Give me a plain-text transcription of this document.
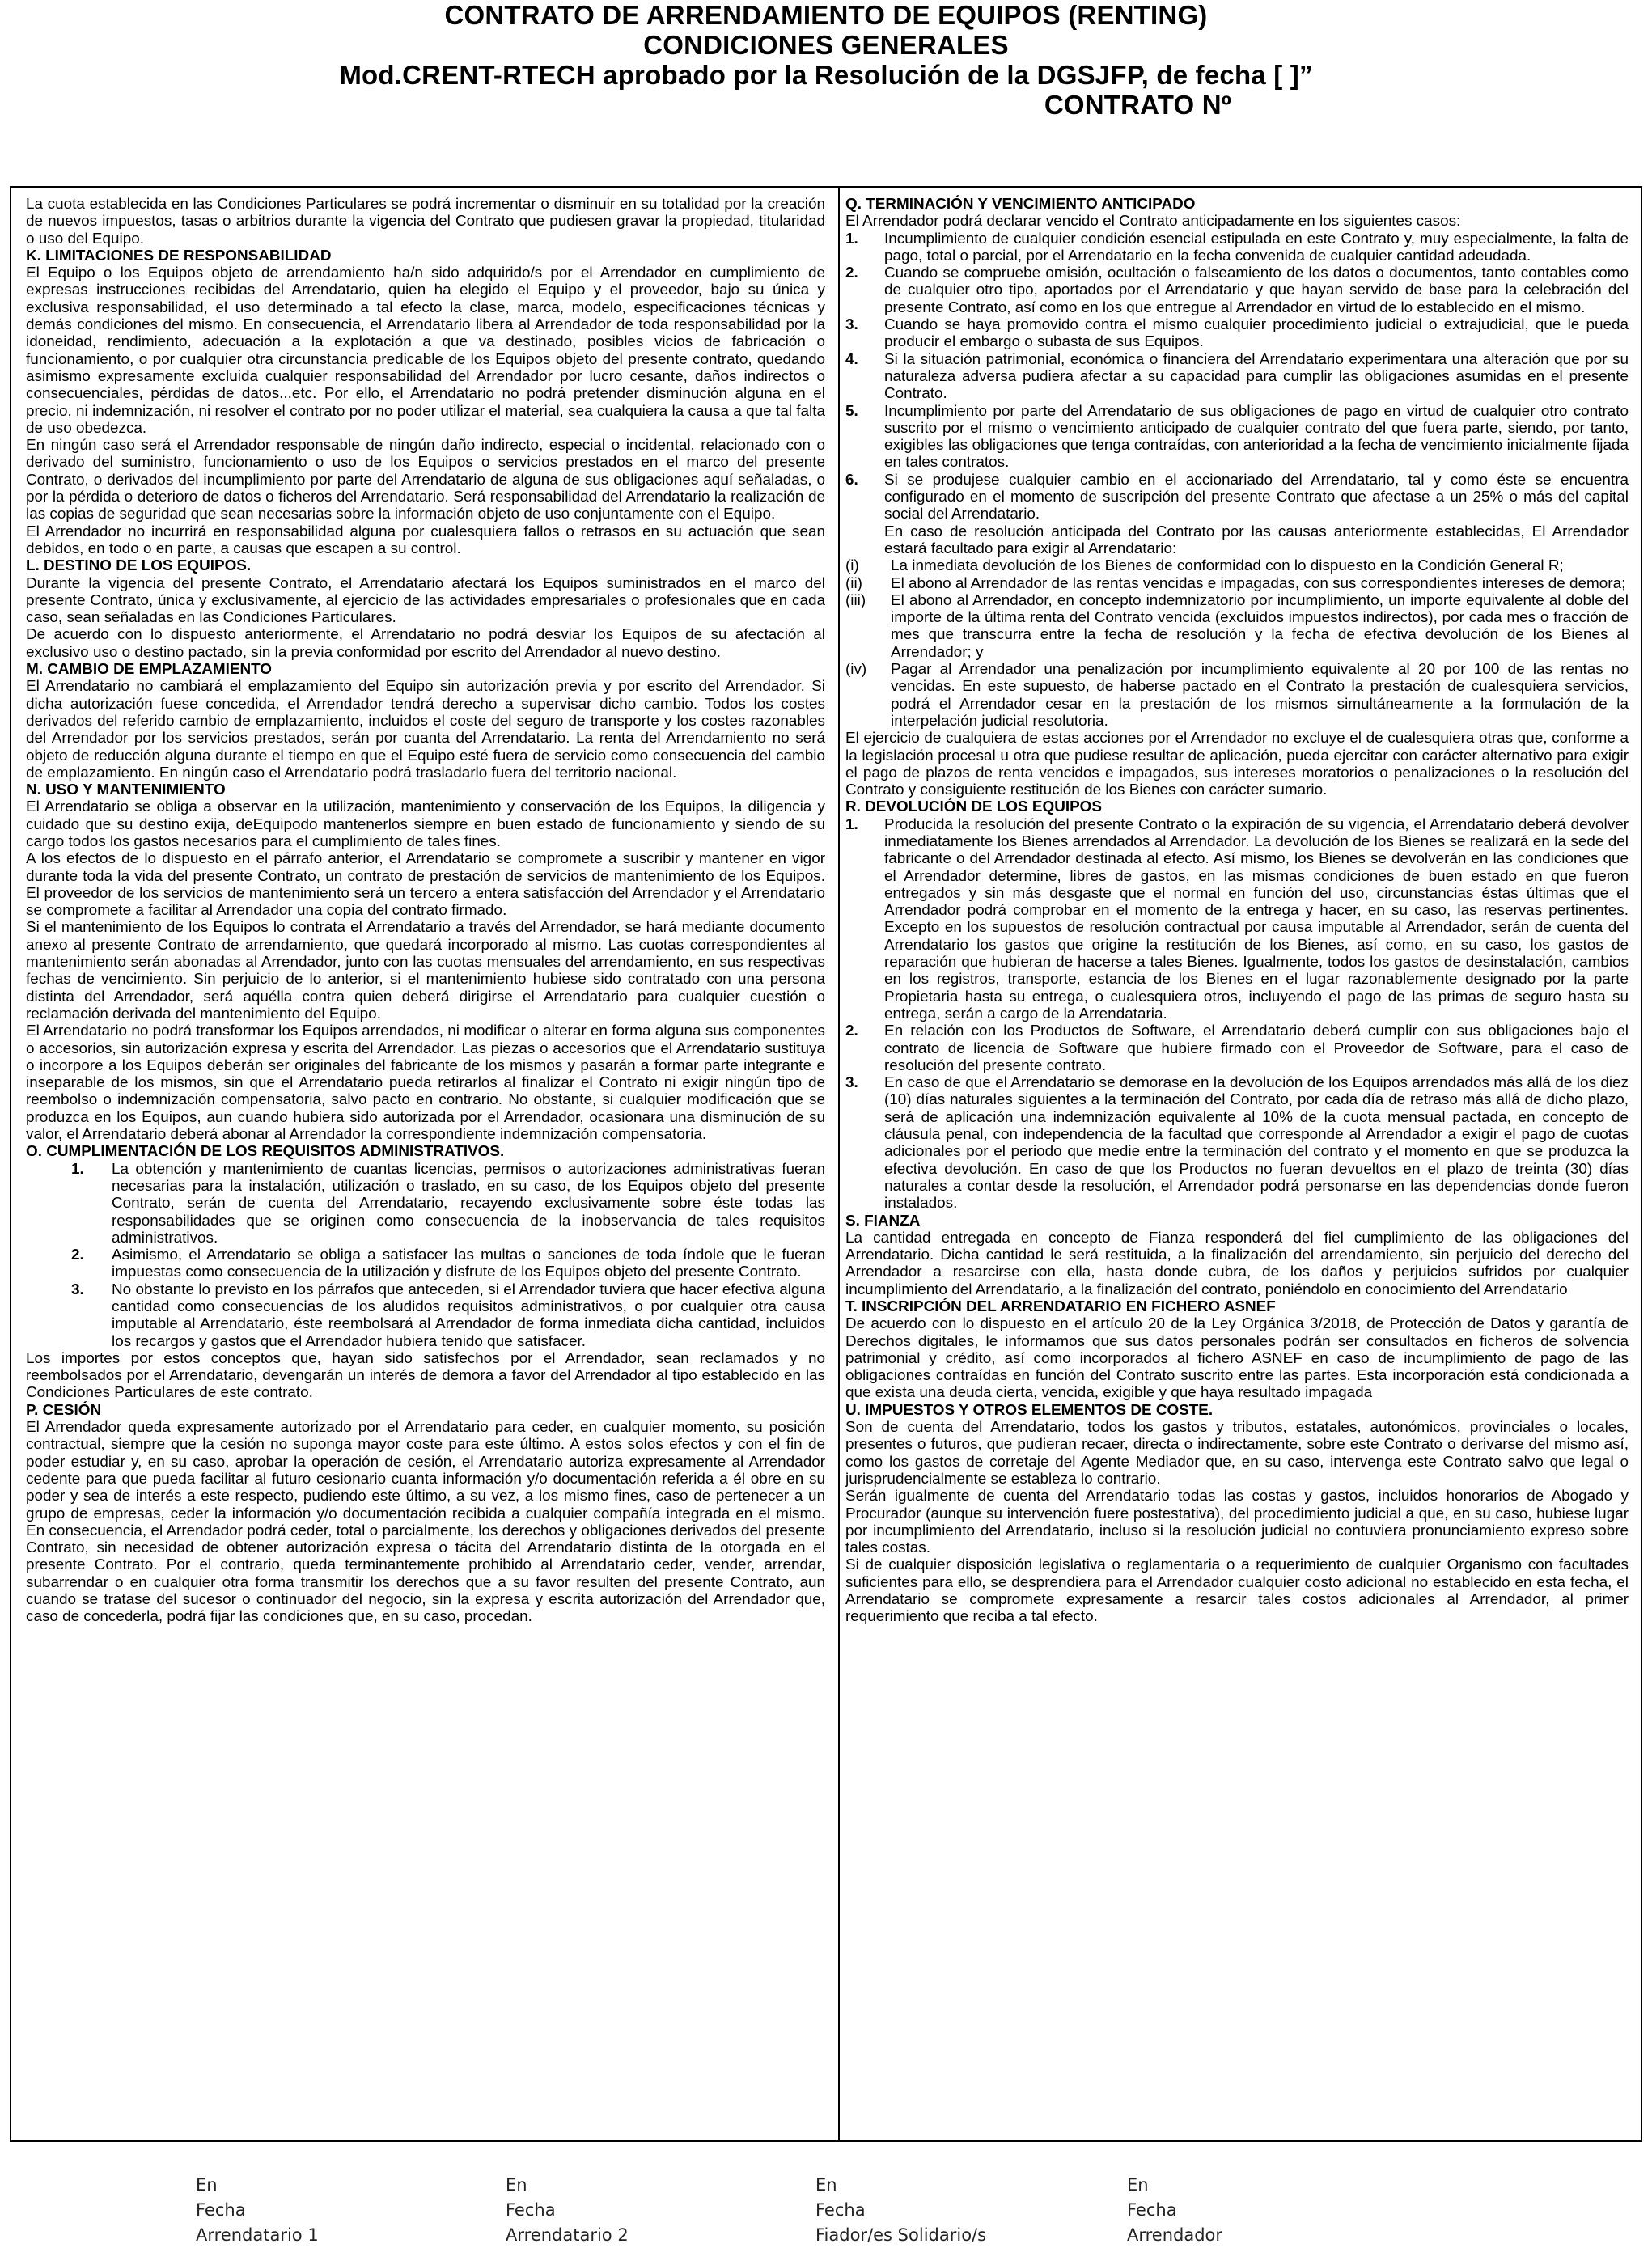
CONTRATO DE ARRENDAMIENTO DE EQUIPOS (RENTING)
CONDICIONES GENERALES
Mod.CRENT-RTECH aprobado por la Resolución de la DGSJFP, de fecha [ ]”
CONTRATO Nº

La cuota establecida en las Condiciones Particulares se podrá incrementar o disminuir en su totalidad por la creación de nuevos impuestos, tasas o arbitrios durante la vigencia del Contrato que pudiesen gravar la propiedad, titularidad o uso del Equipo.

K. LIMITACIONES DE RESPONSABILIDAD

El Equipo o los Equipos objeto de arrendamiento ha/n sido adquirido/s por el Arrendador en cumplimiento de expresas instrucciones recibidas del Arrendatario, quien ha elegido el Equipo y el proveedor, bajo su única y exclusiva responsabilidad, el uso determinado a tal efecto la clase, marca, modelo, especificaciones técnicas y demás condiciones del mismo. En consecuencia, el Arrendatario libera al Arrendador de toda responsabilidad por la idoneidad, rendimiento, adecuación a la explotación a que va destinado, posibles vicios de fabricación o funcionamiento, o por cualquier otra circunstancia predicable de los Equipos objeto del presente contrato, quedando asimismo expresamente excluida cualquier responsabilidad del Arrendador por lucro cesante, daños indirectos o consecuenciales, pérdidas de datos...etc. Por ello, el Arrendatario no podrá pretender disminución alguna en el precio, ni indemnización, ni resolver el contrato por no poder utilizar el material, sea cualquiera la causa a que tal falta de uso obedezca.

En ningún caso será el Arrendador responsable de ningún daño indirecto, especial o incidental, relacionado con o derivado del suministro, funcionamiento o uso de los Equipos o servicios prestados en el marco del presente Contrato, o derivados del incumplimiento por parte del Arrendatario de alguna de sus obligaciones aquí señaladas, o por la pérdida o deterioro de datos o ficheros del Arrendatario. Será responsabilidad del Arrendatario la realización de las copias de seguridad que sean necesarias sobre la información objeto de uso conjuntamente con el Equipo.

El Arrendador no incurrirá en responsabilidad alguna por cualesquiera fallos o retrasos en su actuación que sean debidos, en todo o en parte, a causas que escapen a su control.

L. DESTINO DE LOS EQUIPOS.

Durante la vigencia del presente Contrato, el Arrendatario afectará los Equipos suministrados en el marco del presente Contrato, única y exclusivamente, al ejercicio de las actividades empresariales o profesionales que en cada caso, sean señaladas en las Condiciones Particulares.

De acuerdo con lo dispuesto anteriormente, el Arrendatario no podrá desviar los Equipos de su afectación al exclusivo uso o destino pactado, sin la previa conformidad por escrito del Arrendador al nuevo destino.

M. CAMBIO DE EMPLAZAMIENTO

El Arrendatario no cambiará el emplazamiento del Equipo sin autorización previa y por escrito del Arrendador. Si dicha autorización fuese concedida, el Arrendador tendrá derecho a supervisar dicho cambio. Todos los costes derivados del referido cambio de emplazamiento, incluidos el coste del seguro de transporte y los costes razonables del Arrendador por los servicios prestados, serán por cuanta del Arrendatario. La renta del Arrendamiento no será objeto de reducción alguna durante el tiempo en que el Equipo esté fuera de servicio como consecuencia del cambio de emplazamiento. En ningún caso el Arrendatario podrá trasladarlo fuera del territorio nacional.

N. USO Y MANTENIMIENTO

El Arrendatario se obliga a observar en la utilización, mantenimiento y conservación de los Equipos, la diligencia y cuidado que su destino exija, deEquipodo mantenerlos siempre en buen estado de funcionamiento y siendo de su cargo todos los gastos necesarios para el cumplimiento de tales fines.

A los efectos de lo dispuesto en el párrafo anterior, el Arrendatario se compromete a suscribir y mantener en vigor durante toda la vida del presente Contrato, un contrato de prestación de servicios de mantenimiento de los Equipos. El proveedor de los servicios de mantenimiento será un tercero a entera satisfacción del Arrendador y el Arrendatario se compromete a facilitar al Arrendador una copia del contrato firmado.

Si el mantenimiento de los Equipos lo contrata el Arrendatario a través del Arrendador, se hará mediante documento anexo al presente Contrato de arrendamiento, que quedará incorporado al mismo. Las cuotas correspondientes al mantenimiento serán abonadas al Arrendador, junto con las cuotas mensuales del arrendamiento, en sus respectivas fechas de vencimiento. Sin perjuicio de lo anterior, si el mantenimiento hubiese sido contratado con una persona distinta del Arrendador, será aquélla contra quien deberá dirigirse el Arrendatario para cualquier cuestión o reclamación derivada del mantenimiento del Equipo.

El Arrendatario no podrá transformar los Equipos arrendados, ni modificar o alterar en forma alguna sus componentes o accesorios, sin autorización expresa y escrita del Arrendador. Las piezas o accesorios que el Arrendatario sustituya o incorpore a los Equipos deberán ser originales del fabricante de los mismos y pasarán a formar parte integrante e inseparable de los mismos, sin que el Arrendatario pueda retirarlos al finalizar el Contrato ni exigir ningún tipo de reembolso o indemnización compensatoria, salvo pacto en contrario. No obstante, si cualquier modificación que se produzca en los Equipos, aun cuando hubiera sido autorizada por el Arrendador, ocasionara una disminución de su valor, el Arrendatario deberá abonar al Arrendador la correspondiente indemnización compensatoria.

O. CUMPLIMENTACIÓN DE LOS REQUISITOS ADMINISTRATIVOS.

1. La obtención y mantenimiento de cuantas licencias, permisos o autorizaciones administrativas fueran necesarias para la instalación, utilización o traslado, en su caso, de los Equipos objeto del presente Contrato, serán de cuenta del Arrendatario, recayendo exclusivamente sobre éste todas las responsabilidades que se originen como consecuencia de la inobservancia de tales requisitos administrativos.
2. Asimismo, el Arrendatario se obliga a satisfacer las multas o sanciones de toda índole que le fueran impuestas como consecuencia de la utilización y disfrute de los Equipos objeto del presente Contrato.
3. No obstante lo previsto en los párrafos que anteceden, si el Arrendador tuviera que hacer efectiva alguna cantidad como consecuencias de los aludidos requisitos administrativos, o por cualquier otra causa imputable al Arrendatario, éste reembolsará al Arrendador de forma inmediata dicha cantidad, incluidos los recargos y gastos que el Arrendador hubiera tenido que satisfacer.

Los importes por estos conceptos que, hayan sido satisfechos por el Arrendador, sean reclamados y no reembolsados por el Arrendatario, devengarán un interés de demora a favor del Arrendador al tipo establecido en las Condiciones Particulares de este contrato.

P. CESIÓN

El Arrendador queda expresamente autorizado por el Arrendatario para ceder, en cualquier momento, su posición contractual, siempre que la cesión no suponga mayor coste para este último. A estos solos efectos y con el fin de poder estudiar y, en su caso, aprobar la operación de cesión, el Arrendatario autoriza expresamente al Arrendador cedente para que pueda facilitar al futuro cesionario cuanta información y/o documentación referida a él obre en su poder y sea de interés a este respecto, pudiendo este último, a su vez, a los mismo fines, caso de pertenecer a un grupo de empresas, ceder la información y/o documentación recibida a cualquier compañía integrada en el mismo. En consecuencia, el Arrendador podrá ceder, total o parcialmente, los derechos y obligaciones derivados del presente Contrato, sin necesidad de obtener autorización expresa o tácita del Arrendatario distinta de la otorgada en el presente Contrato. Por el contrario, queda terminantemente prohibido al Arrendatario ceder, vender, arrendar, subarrendar o en cualquier otra forma transmitir los derechos que a su favor resulten del presente Contrato, aun cuando se tratase del sucesor o continuador del negocio, sin la expresa y escrita autorización del Arrendador que, caso de concederla, podrá fijar las condiciones que, en su caso, procedan.

Q. TERMINACIÓN Y VENCIMIENTO ANTICIPADO

El Arrendador podrá declarar vencido el Contrato anticipadamente en los siguientes casos:

1. Incumplimiento de cualquier condición esencial estipulada en este Contrato y, muy especialmente, la falta de pago, total o parcial, por el Arrendatario en la fecha convenida de cualquier cantidad adeudada.
2. Cuando se compruebe omisión, ocultación o falseamiento de los datos o documentos, tanto contables como de cualquier otro tipo, aportados por el Arrendatario y que hayan servido de base para la celebración del presente Contrato, así como en los que entregue al Arrendador en virtud de lo establecido en el mismo.
3. Cuando se haya promovido contra el mismo cualquier procedimiento judicial o extrajudicial, que le pueda producir el embargo o subasta de sus Equipos.
4. Si la situación patrimonial, económica o financiera del Arrendatario experimentara una alteración que por su naturaleza adversa pudiera afectar a su capacidad para cumplir las obligaciones asumidas en el presente Contrato.
5. Incumplimiento por parte del Arrendatario de sus obligaciones de pago en virtud de cualquier otro contrato suscrito por el mismo o vencimiento anticipado de cualquier contrato del que fuera parte, siendo, por tanto, exigibles las obligaciones que tenga contraídas, con anterioridad a la fecha de vencimiento inicialmente fijada en tales contratos.
6. Si se produjese cualquier cambio en el accionariado del Arrendatario, tal y como éste se encuentra configurado en el momento de suscripción del presente Contrato que afectase a un 25% o más del capital social del Arrendatario.

En caso de resolución anticipada del Contrato por las causas anteriormente establecidas, El Arrendador estará facultado para exigir al Arrendatario:

(i) La inmediata devolución de los Bienes de conformidad con lo dispuesto en la Condición General R;
(ii) El abono al Arrendador de las rentas vencidas e impagadas, con sus correspondientes intereses de demora;
(iii) El abono al Arrendador, en concepto indemnizatorio por incumplimiento, un importe equivalente al doble del importe de la última renta del Contrato vencida (excluidos impuestos indirectos), por cada mes o fracción de mes que transcurra entre la fecha de resolución y la fecha de efectiva devolución de los Bienes al Arrendador; y
(iv) Pagar al Arrendador una penalización por incumplimiento equivalente al 20 por 100 de las rentas no vencidas. En este supuesto, de haberse pactado en el Contrato la prestación de cualesquiera servicios, podrá el Arrendador cesar en la prestación de los mismos simultáneamente a la formulación de la interpelación judicial resolutoria.

El ejercicio de cualquiera de estas acciones por el Arrendador no excluye el de cualesquiera otras que, conforme a la legislación procesal u otra que pudiese resultar de aplicación, pueda ejercitar con carácter alternativo para exigir el pago de plazos de renta vencidos e impagados, sus intereses moratorios o penalizaciones o la resolución del Contrato y consiguiente restitución de los Bienes con carácter sumario.

R. DEVOLUCIÓN DE LOS EQUIPOS

1. Producida la resolución del presente Contrato o la expiración de su vigencia, el Arrendatario deberá devolver inmediatamente los Bienes arrendados al Arrendador. La devolución de los Bienes se realizará en la sede del fabricante o del Arrendador destinada al efecto. Así mismo, los Bienes se devolverán en las condiciones que el Arrendador determine, libres de gastos, en las mismas condiciones de buen estado en que fueron entregados y sin más desgaste que el normal en función del uso, circunstancias éstas últimas que el Arrendador podrá comprobar en el momento de la entrega y hacer, en su caso, las reservas pertinentes. Excepto en los supuestos de resolución contractual por causa imputable al Arrendador, serán de cuenta del Arrendatario los gastos que origine la restitución de los Bienes, así como, en su caso, los gastos de reparación que hubieran de hacerse a tales Bienes. Igualmente, todos los gastos de desinstalación, cambios en los registros, transporte, estancia de los Bienes en el lugar razonablemente designado por la parte Propietaria hasta su entrega, o cualesquiera otros, incluyendo el pago de las primas de seguro hasta su entrega, serán a cargo de la Arrendataria.
2. En relación con los Productos de Software, el Arrendatario deberá cumplir con sus obligaciones bajo el contrato de licencia de Software que hubiere firmado con el Proveedor de Software, para el caso de resolución del presente contrato.
3. En caso de que el Arrendatario se demorase en la devolución de los Equipos arrendados más allá de los diez (10) días naturales siguientes a la terminación del Contrato, por cada día de retraso más allá de dicho plazo, será de aplicación una indemnización equivalente al 10% de la cuota mensual pactada, en concepto de cláusula penal, con independencia de la facultad que corresponde al Arrendador a exigir el pago de cuotas adicionales por el periodo que medie entre la terminación del contrato y el momento en que se produzca la efectiva devolución. En caso de que los Productos no fueran devueltos en el plazo de treinta (30) días naturales a contar desde la resolución, el Arrendador podrá personarse en las dependencias donde fueron instalados.

S. FIANZA

La cantidad entregada en concepto de Fianza responderá del fiel cumplimiento de las obligaciones del Arrendatario. Dicha cantidad le será restituida, a la finalización del arrendamiento, sin perjuicio del derecho del Arrendador a resarcirse con ella, hasta donde cubra, de los daños y perjuicios sufridos por cualquier incumplimiento del Arrendatario, a la finalización del contrato, poniéndolo en conocimiento del Arrendatario

T. INSCRIPCIÓN DEL ARRENDATARIO EN FICHERO ASNEF

De acuerdo con lo dispuesto en el artículo 20 de la Ley Orgánica 3/2018, de Protección de Datos y garantía de Derechos digitales, le informamos que sus datos personales podrán ser consultados en ficheros de solvencia patrimonial y crédito, así como incorporados al fichero ASNEF en caso de incumplimiento de pago de las obligaciones contraídas en función del Contrato suscrito entre las partes. Esta incorporación está condicionada a que exista una deuda cierta, vencida, exigible y que haya resultado impagada

U. IMPUESTOS Y OTROS ELEMENTOS DE COSTE.

Son de cuenta del Arrendatario, todos los gastos y tributos, estatales, autonómicos, provinciales o locales, presentes o futuros, que pudieran recaer, directa o indirectamente, sobre este Contrato o derivarse del mismo así, como los gastos de corretaje del Agente Mediador que, en su caso, intervenga este Contrato salvo que legal o jurisprudencialmente se estableza lo contrario.

Serán igualmente de cuenta del Arrendatario todas las costas y gastos, incluidos honorarios de Abogado y Procurador (aunque su intervención fuere postestativa), del procedimiento judicial a que, en su caso, hubiese lugar por incumplimiento del Arrendatario, incluso si la resolución judicial no contuviera pronunciamiento expreso sobre tales costas.

Si de cualquier disposición legislativa o reglamentaria o a requerimiento de cualquier Organismo con facultades suficientes para ello, se desprendiera para el Arrendador cualquier costo adicional no establecido en esta fecha, el Arrendatario se compromete expresamente a resarcir tales costos adicionales al Arrendador, al primer requerimiento que reciba a tal efecto.

En
Fecha
Arrendatario 1
En
Fecha
Arrendatario 2
En
Fecha
Fiador/es Solidario/s
En
Fecha
Arrendador
